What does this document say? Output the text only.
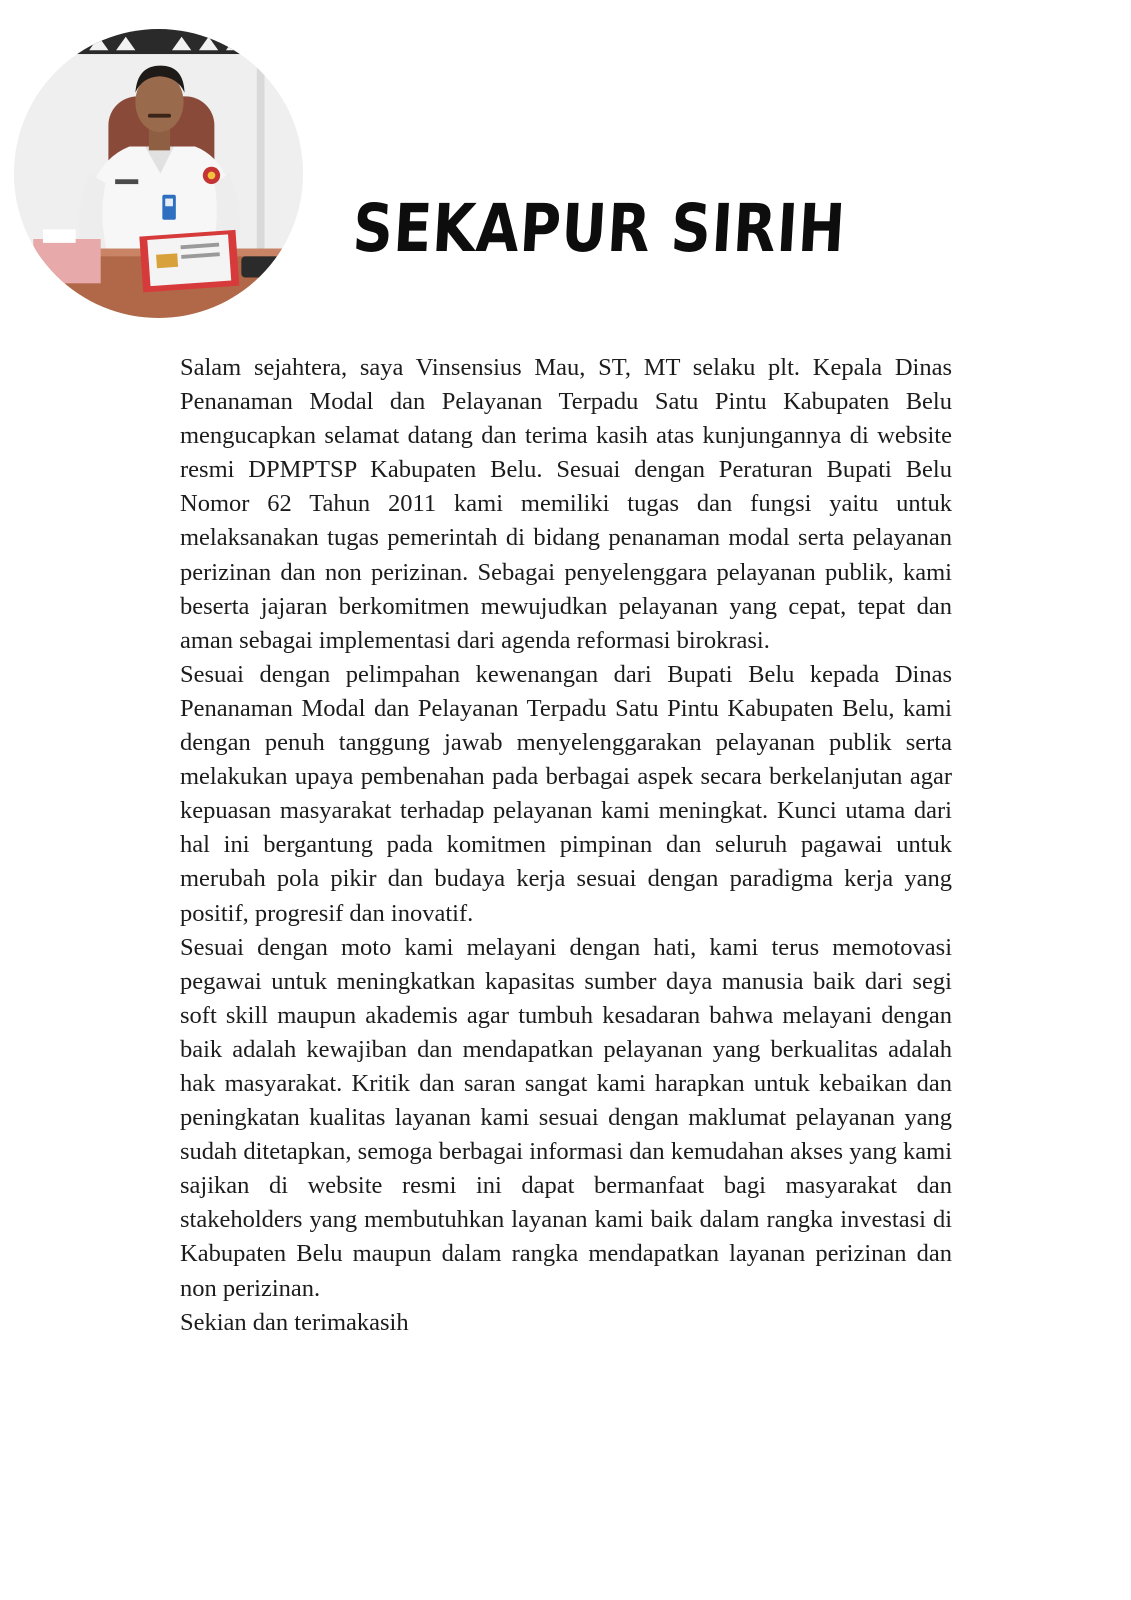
SEKAPUR SIRIH

Salam sejahtera, saya Vinsensius Mau, ST, MT selaku plt. Kepala Dinas Penanaman Modal dan Pelayanan Terpadu Satu Pintu Kabupaten Belu mengucapkan selamat datang dan terima kasih atas kunjungannya di website resmi DPMPTSP Kabupaten Belu. Sesuai dengan Peraturan Bupati Belu Nomor 62 Tahun 2011 kami memiliki tugas dan fungsi yaitu untuk melaksanakan tugas pemerintah di bidang penanaman modal serta pelayanan perizinan dan non perizinan. Sebagai penyelenggara pelayanan publik, kami beserta jajaran berkomitmen mewujudkan pelayanan yang cepat, tepat dan aman sebagai implementasi dari agenda reformasi birokrasi.

Sesuai dengan pelimpahan kewenangan dari Bupati Belu kepada Dinas Penanaman Modal dan Pelayanan Terpadu Satu Pintu Kabupaten Belu, kami dengan penuh tanggung jawab menyelenggarakan pelayanan publik serta melakukan upaya pembenahan pada berbagai aspek secara berkelanjutan agar kepuasan masyarakat terhadap pelayanan kami meningkat. Kunci utama dari hal ini bergantung pada komitmen pimpinan dan seluruh pagawai untuk merubah pola pikir dan budaya kerja sesuai dengan paradigma kerja yang positif, progresif dan inovatif.

Sesuai dengan moto kami melayani dengan hati, kami terus memotovasi pegawai untuk meningkatkan kapasitas sumber daya manusia baik dari segi soft skill maupun akademis agar tumbuh kesadaran bahwa melayani dengan baik adalah kewajiban dan mendapatkan pelayanan yang berkualitas adalah hak masyarakat. Kritik dan saran sangat kami harapkan untuk kebaikan dan peningkatan kualitas layanan kami sesuai dengan maklumat pelayanan yang sudah ditetapkan, semoga berbagai informasi dan kemudahan akses yang kami sajikan di website resmi ini dapat bermanfaat bagi masyarakat dan stakeholders yang membutuhkan layanan kami baik dalam rangka investasi di Kabupaten Belu maupun dalam rangka mendapatkan layanan perizinan dan non perizinan.

Sekian dan terimakasih
